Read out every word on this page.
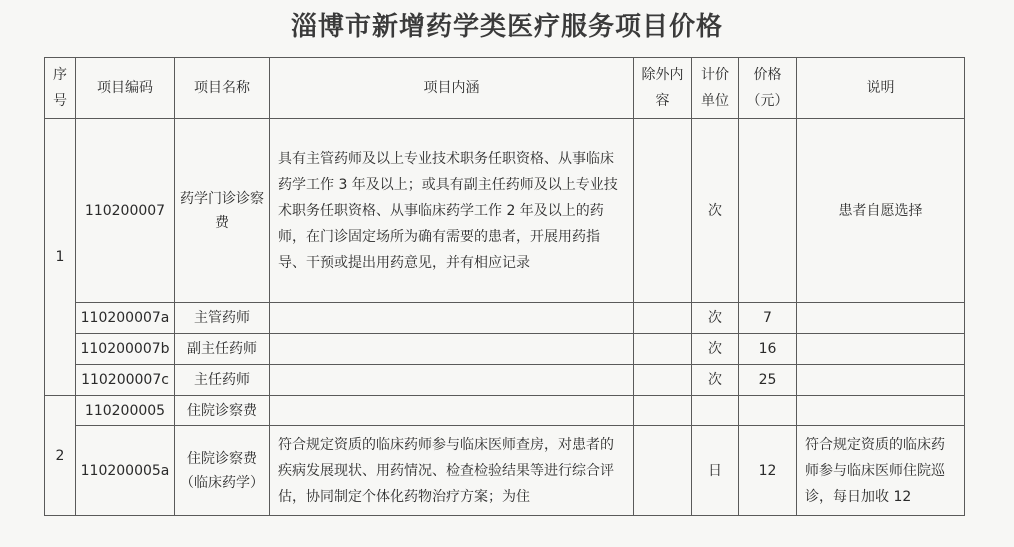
淄博市新增药学类医疗服务项目价格
序号	项目编码	项目名称	项目内涵	除外内容	计价单位	价格（元）	说明
1	110200007	药学门诊诊察费	具有主管药师及以上专业技术职务任职资格、从事临床药学工作 3 年及以上；或具有副主任药师及以上专业技术职务任职资格、从事临床药学工作 2 年及以上的药师，在门诊固定场所为确有需要的患者，开展用药指导、干预或提出用药意见，并有相应记录		次		患者自愿选择
	110200007a	主管药师			次	7	
	110200007b	副主任药师			次	16	
	110200007c	主任药师			次	25	
2	110200005	住院诊察费					
	110200005a	住院诊察费（临床药学）	符合规定资质的临床药师参与临床医师查房，对患者的疾病发展现状、用药情况、检查检验结果等进行综合评估，协同制定个体化药物治疗方案；为住		日	12	符合规定资质的临床药师参与临床医师住院巡诊，每日加收 12
